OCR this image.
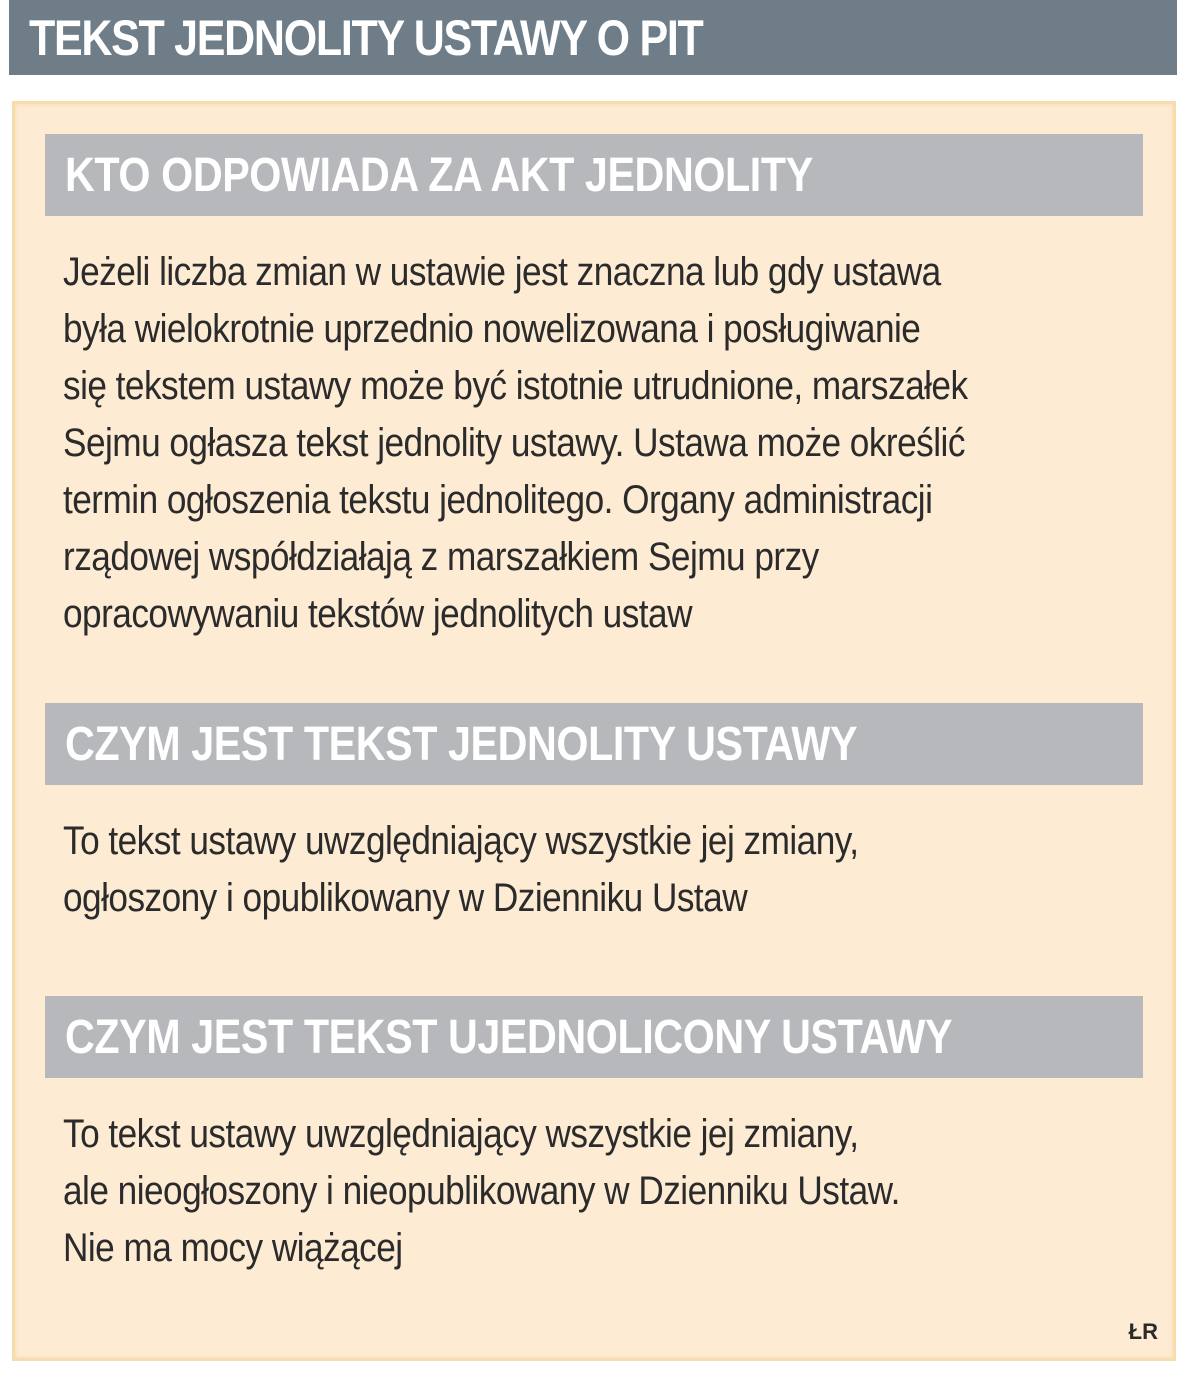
TEKST JEDNOLITY USTAWY O PIT
KTO ODPOWIADA ZA AKT JEDNOLITY
Jeżeli liczba zmian w ustawie jest znaczna lub gdy ustawa
była wielokrotnie uprzednio nowelizowana i posługiwanie
się tekstem ustawy może być istotnie utrudnione, marszałek
Sejmu ogłasza tekst jednolity ustawy. Ustawa może określić
termin ogłoszenia tekstu jednolitego. Organy administracji
rządowej współdziałają z marszałkiem Sejmu przy
opracowywaniu tekstów jednolitych ustaw
CZYM JEST TEKST JEDNOLITY USTAWY
To tekst ustawy uwzględniający wszystkie jej zmiany,
ogłoszony i opublikowany w Dzienniku Ustaw
CZYM JEST TEKST UJEDNOLICONY USTAWY
To tekst ustawy uwzględniający wszystkie jej zmiany,
ale nieogłoszony i nieopublikowany w Dzienniku Ustaw.
Nie ma mocy wiążącej
ŁR
